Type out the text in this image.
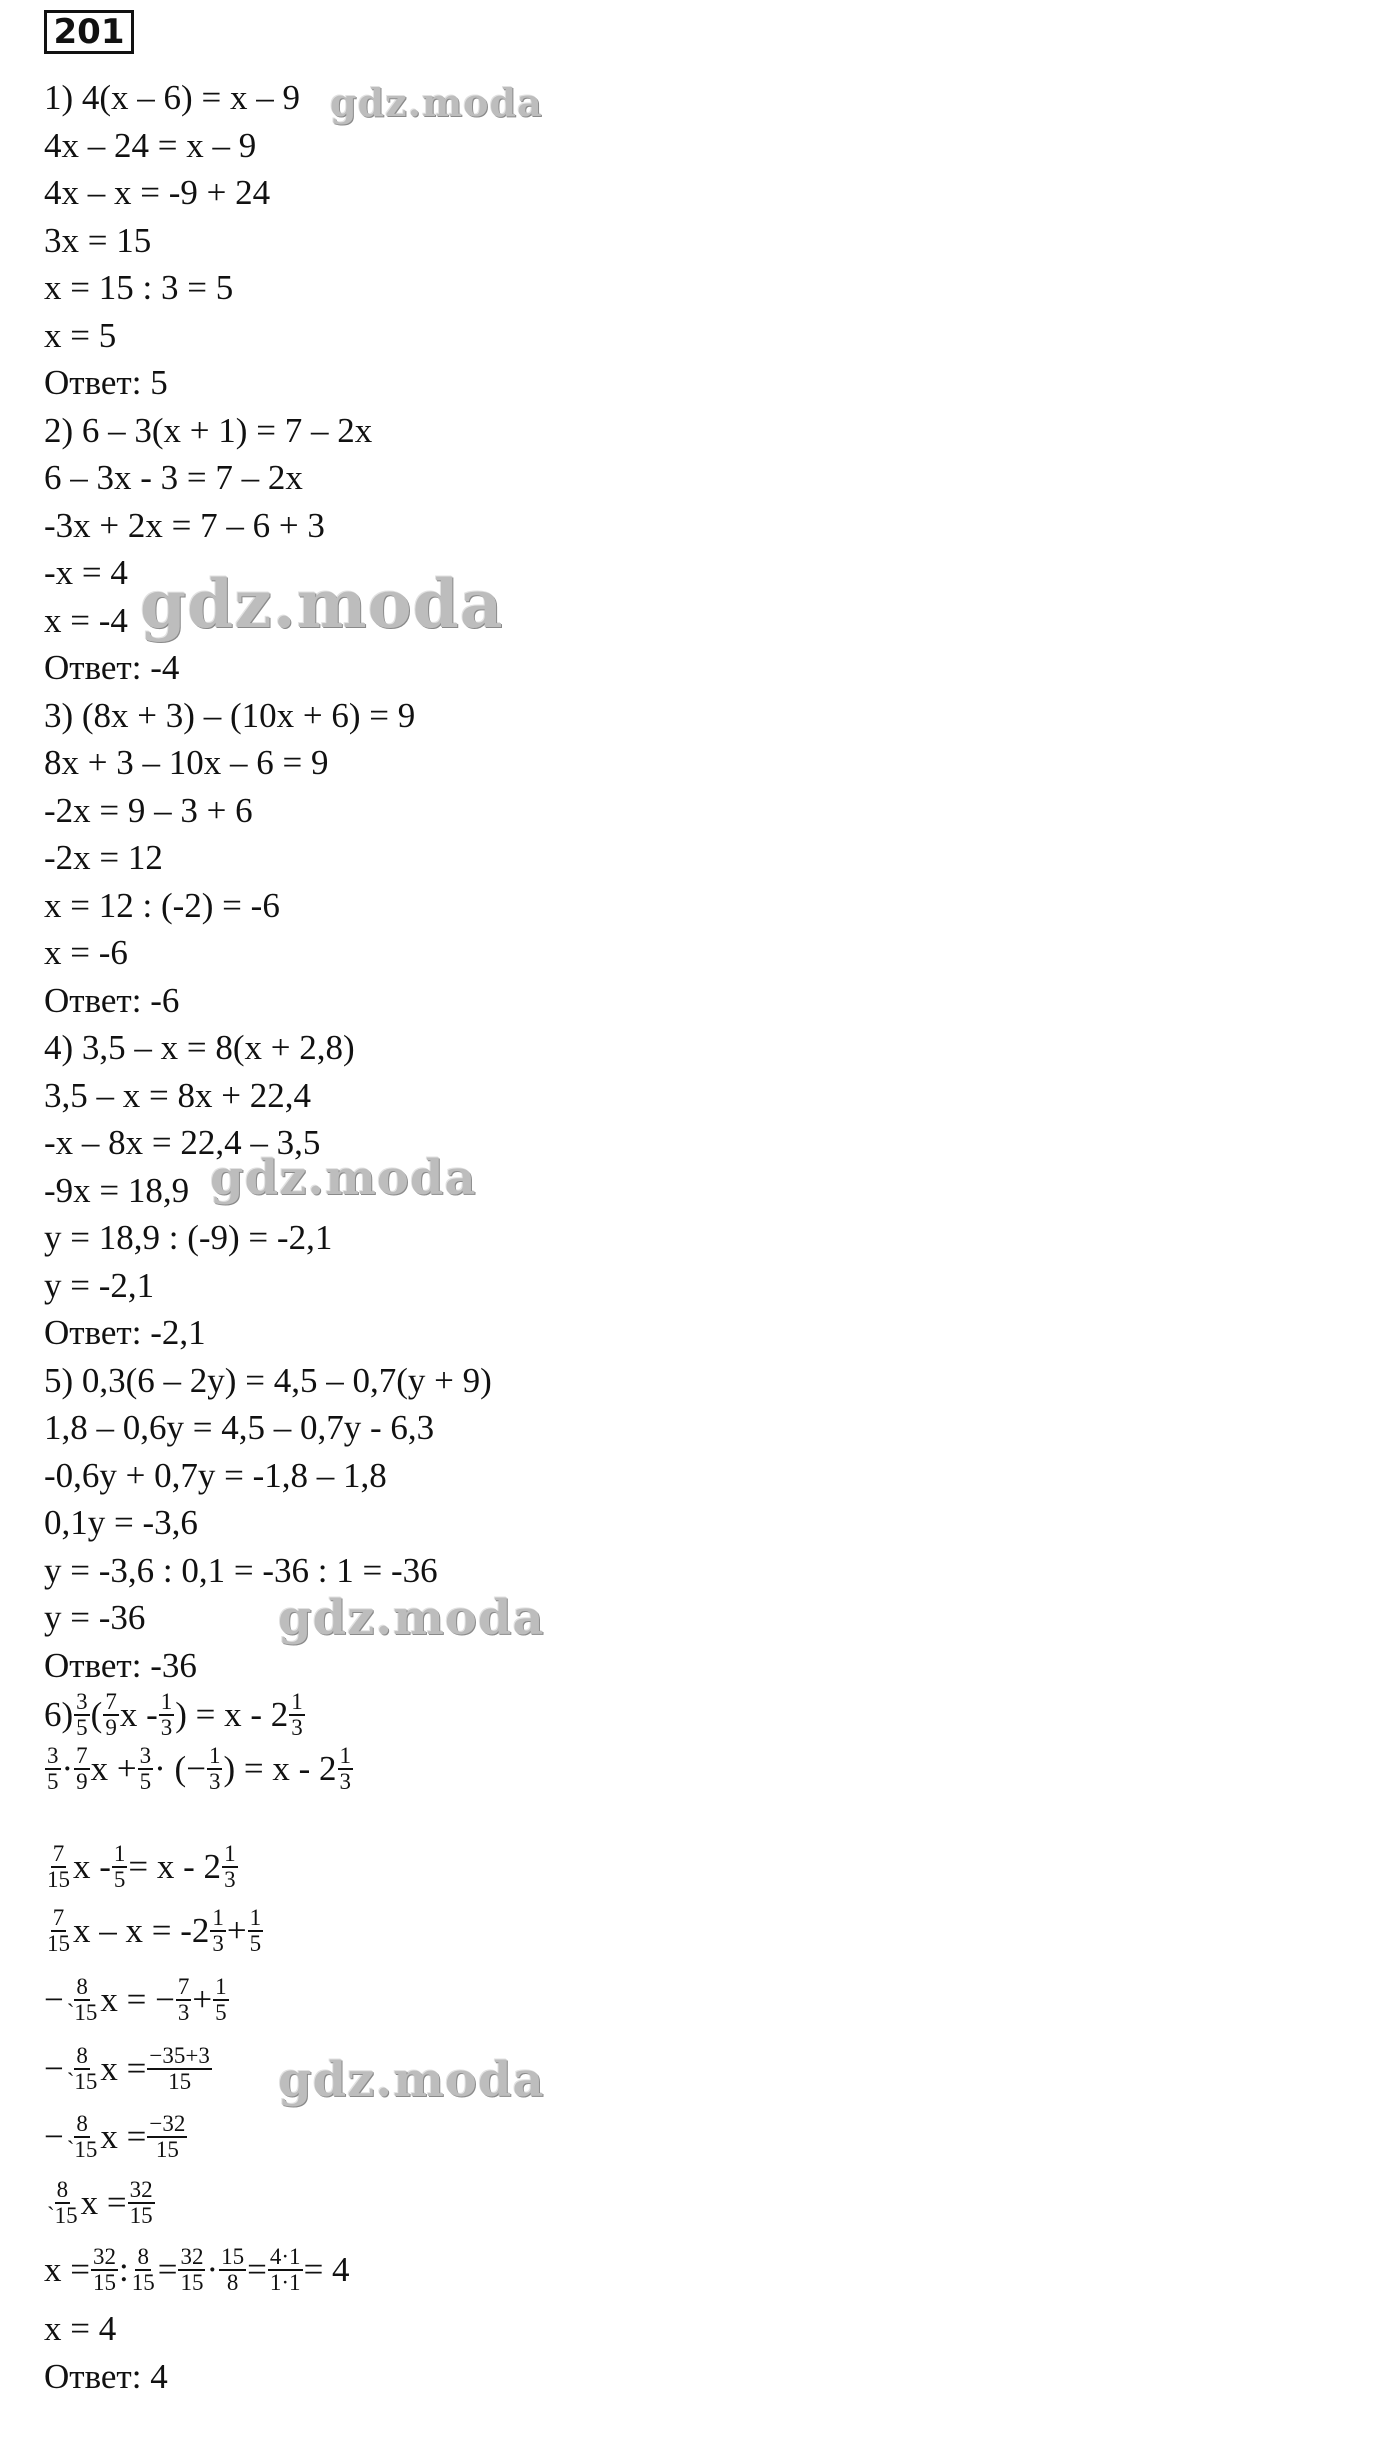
201
1) 4(x – 6) = x – 9
4x – 24 = x – 9
4x – x = -9 + 24
3x = 15
x = 15 : 3 = 5
x = 5
Ответ: 5
2) 6 – 3(x + 1) = 7 – 2x
6 – 3x - 3 = 7 – 2x
-3x + 2x = 7 – 6 + 3
-x = 4
x = -4
Ответ: -4
3) (8x + 3) – (10x + 6) = 9
8x + 3 – 10x – 6 = 9
-2x = 9 – 3 + 6
-2x = 12
x = 12 : (-2) = -6
x = -6
Ответ: -6
4) 3,5 – x = 8(x + 2,8)
3,5 – x = 8x + 22,4
-x – 8x = 22,4 – 3,5
-9x = 18,9
y = 18,9 : (-9) = -2,1
y = -2,1
Ответ: -2,1
5) 0,3(6 – 2y) = 4,5 – 0,7(y + 9)
1,8 – 0,6y = 4,5 – 0,7y - 6,3
-0,6y + 0,7y = -1,8 – 1,8
0,1y = -3,6
y = -3,6 : 0,1 = -36 : 1 = -36
y = -36
Ответ: -36
$6) \frac{3}{5}$ ( $\frac{7}{9}$ x - $\frac{1}{3}$ ) = x - $2 \frac{1}{3}$
$\frac{3}{5} \cdot \frac{7}{9}$ $x + \frac{3}{5}$ · (− $\frac{1}{3}$ ) = x - $2 \frac{1}{3}$
$\frac{7}{15}$ $x - \frac{1}{5} = x - 2 \frac{1}{3}$
$\frac{7}{15}$ $x - x = -2 \frac{1}{3} + \frac{1}{5}$
− $\frac{8}{`15}$ x = − $\frac{7}{3} + \frac{1}{5}$
− $\frac{8}{`15}$ $x = \frac{-35+3}{15}$
− $\frac{8}{`15}$ $x = \frac{-32}{15}$
$\frac{8}{`15}$ $x = \frac{32}{15}$
$x = \frac{32}{15}$ : $\frac{8}{15} = \frac{32}{15} \cdot \frac{15}{8} = \frac{4\cdot 1}{1\cdot 1} = 4$
x = 4
Ответ: 4
gdz.moda
gdz.moda
gdz.moda
gdz.moda
gdz.moda
